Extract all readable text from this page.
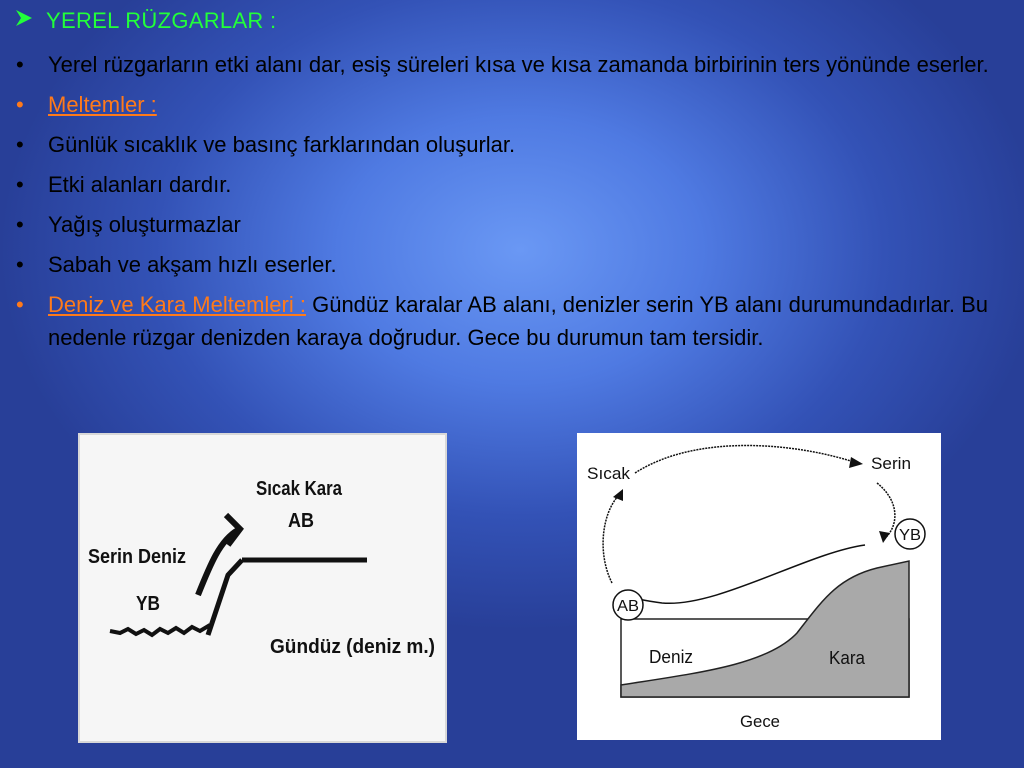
YEREL RÜZGARLAR :
• Yerel rüzgarların etki alanı dar, esiş süreleri kısa ve kısa zamanda birbirinin ters yönünde eserler.
• Meltemler :
• Günlük sıcaklık ve basınç farklarından oluşurlar.
• Etki alanları dardır.
• Yağış oluşturmazlar
• Sabah ve akşam hızlı eserler.
• Deniz ve Kara Meltemleri : Gündüz karalar AB alanı, denizler serin YB alanı durumundadırlar. Bu nedenle rüzgar denizden karaya doğrudur. Gece bu durumun tam tersidir.
Sıcak Kara
AB
Serin Deniz
YB
Gündüz (deniz m.)
Sıcak
Serin
YB
AB
Deniz	Kara
Gece
